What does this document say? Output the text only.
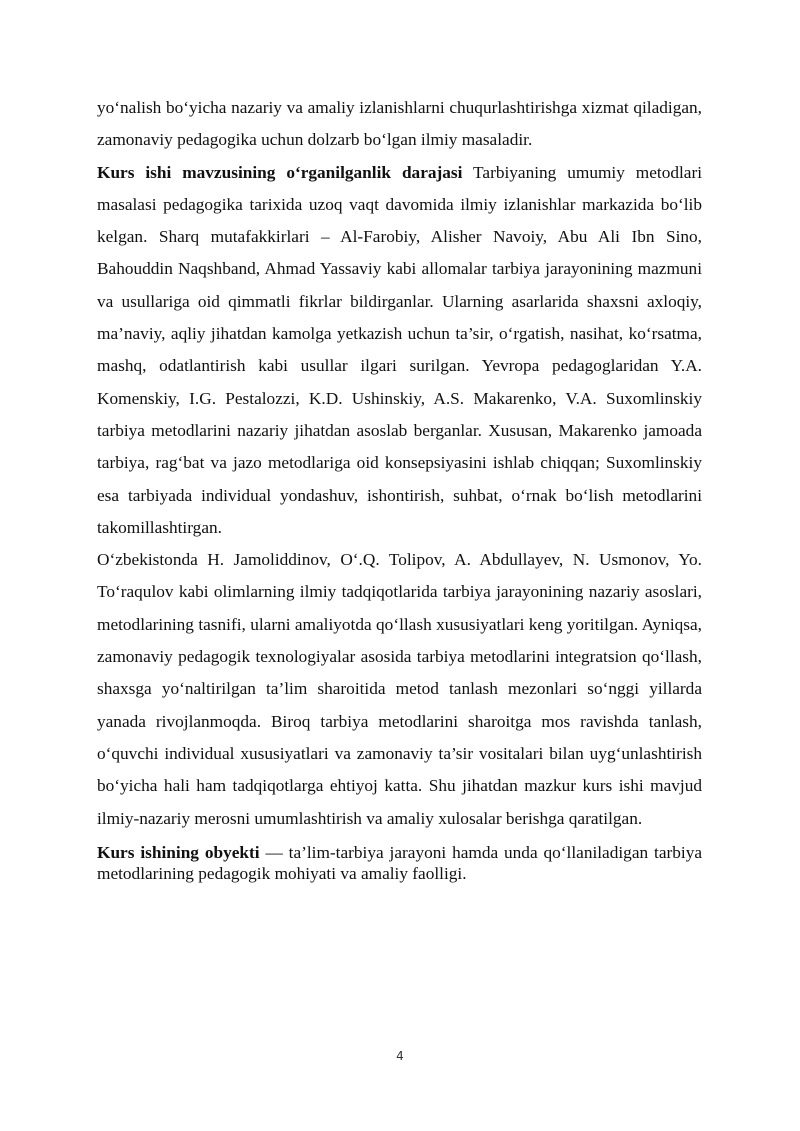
yo‘nalish bo‘yicha nazariy va amaliy izlanishlarni chuqurlashtirishga xizmat qiladigan, zamonaviy pedagogika uchun dolzarb bo‘lgan ilmiy masaladir.

Kurs ishi mavzusining o‘rganilganlik darajasi Tarbiyaning umumiy metodlari masalasi pedagogika tarixida uzoq vaqt davomida ilmiy izlanishlar markazida bo‘lib kelgan. Sharq mutafakkirlari – Al-Farobiy, Alisher Navoiy, Abu Ali Ibn Sino, Bahouddin Naqshband, Ahmad Yassaviy kabi allomalar tarbiya jarayonining mazmuni va usullariga oid qimmatli fikrlar bildirganlar. Ularning asarlarida shaxsni axloqiy, ma’naviy, aqliy jihatdan kamolga yetkazish uchun ta’sir, o‘rgatish, nasihat, ko‘rsatma, mashq, odatlantirish kabi usullar ilgari surilgan. Yevropa pedagoglaridan Y.A. Komenskiy, I.G. Pestalozzi, K.D. Ushinskiy, A.S. Makarenko, V.A. Suxomlinskiy tarbiya metodlarini nazariy jihatdan asoslab berganlar. Xususan, Makarenko jamoada tarbiya, rag‘bat va jazo metodlariga oid konsepsiyasini ishlab chiqqan; Suxomlinskiy esa tarbiyada individual yondashuv, ishontirish, suhbat, o‘rnak bo‘lish metodlarini takomillashtirgan.

O‘zbekistonda H. Jamoliddinov, O‘.Q. Tolipov, A. Abdullayev, N. Usmonov, Yo. To‘raqulov kabi olimlarning ilmiy tadqiqotlarida tarbiya jarayonining nazariy asoslari, metodlarining tasnifi, ularni amaliyotda qo‘llash xususiyatlari keng yoritilgan. Ayniqsa, zamonaviy pedagogik texnologiyalar asosida tarbiya metodlarini integratsion qo‘llash, shaxsga yo‘naltirilgan ta’lim sharoitida metod tanlash mezonlari so‘nggi yillarda yanada rivojlanmoqda. Biroq tarbiya metodlarini sharoitga mos ravishda tanlash, o‘quvchi individual xususiyatlari va zamonaviy ta’sir vositalari bilan uyg‘unlashtirish bo‘yicha hali ham tadqiqotlarga ehtiyoj katta. Shu jihatdan mazkur kurs ishi mavjud ilmiy-nazariy merosni umumlashtirish va amaliy xulosalar berishga qaratilgan.

Kurs ishining obyekti — ta’lim-tarbiya jarayoni hamda unda qo‘llaniladigan tarbiya metodlarining pedagogik mohiyati va amaliy faolligi.

4
